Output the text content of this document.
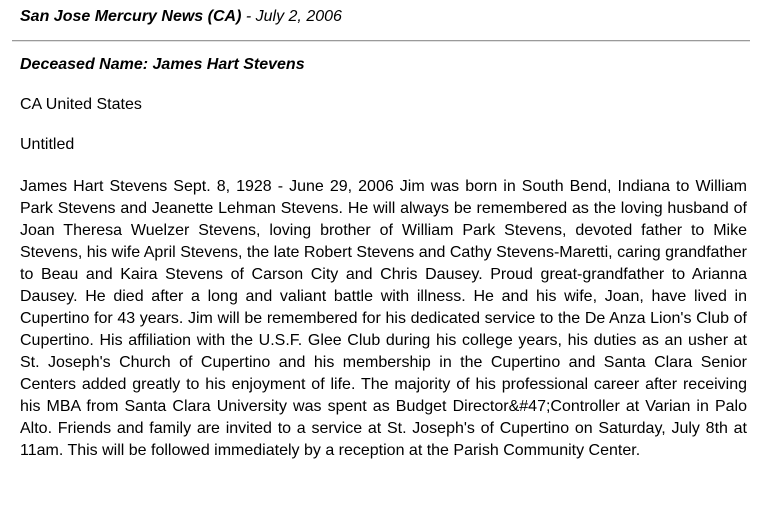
San Jose Mercury News (CA) - July 2, 2006
Deceased Name: James Hart Stevens
CA United States
Untitled
James Hart Stevens Sept. 8, 1928 - June 29, 2006 Jim was born in South Bend, Indiana to William Park Stevens and Jeanette Lehman Stevens. He will always be remembered as the loving husband of Joan Theresa Wuelzer Stevens, loving brother of William Park Stevens, devoted father to Mike Stevens, his wife April Stevens, the late Robert Stevens and Cathy Stevens-Maretti, caring grandfather to Beau and Kaira Stevens of Carson City and Chris Dausey. Proud great-grandfather to Arianna Dausey. He died after a long and valiant battle with illness. He and his wife, Joan, have lived in Cupertino for 43 years. Jim will be remembered for his dedicated service to the De Anza Lion's Club of Cupertino. His affiliation with the U.S.F. Glee Club during his college years, his duties as an usher at St. Joseph's Church of Cupertino and his membership in the Cupertino and Santa Clara Senior Centers added greatly to his enjoyment of life. The majority of his professional career after receiving his MBA from Santa Clara University was spent as Budget Director&#47;Controller at Varian in Palo Alto. Friends and family are invited to a service at St. Joseph's of Cupertino on Saturday, July 8th at 11am. This will be followed immediately by a reception at the Parish Community Center.
